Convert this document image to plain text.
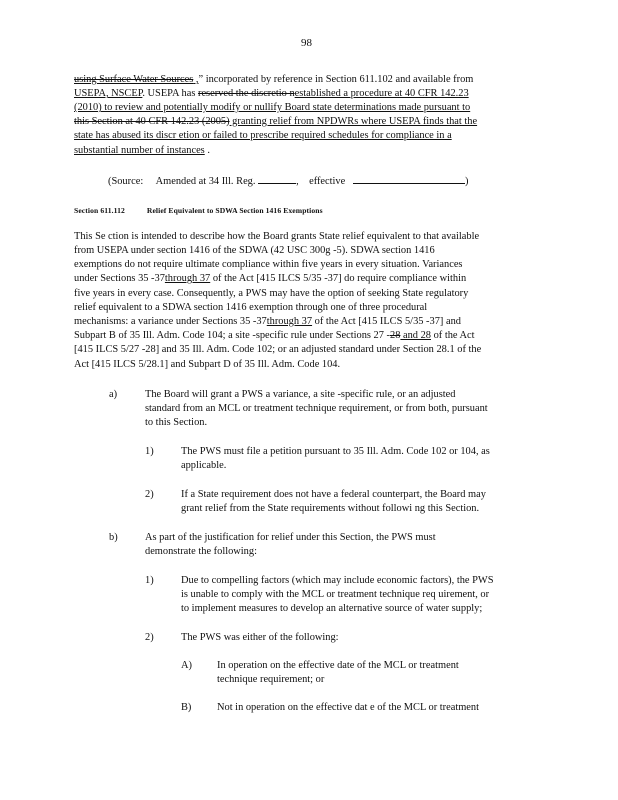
98
using Surface Water Sources ,” incorporated by reference in Section 611.102 and available from
USEPA, NSCEP. USEPA has reserved the discretio nestablished a procedure at 40 CFR 142.23
(2010) to review and potentially modify or nullify Board state determinations made pursuant to
this Section at 40 CFR 142.23 (2005) granting relief from NPDWRs where USEPA finds that the
state has abused its discr etion or failed to prescribe required schedules for compliance in a
substantial number of instances .
(Source: Amended at 34 Ill. Reg.	, effective	)
Section 611.112	Relief Equivalent to SDWA Section 1416 Exemptions
This Se ction is intended to describe how the Board grants State relief equivalent to that available
from USEPA under section 1416 of the SDWA (42 USC 300g -5). SDWA section 1416
exemptions do not require ultimate compliance within five years in every situation. Variances
under Sections 35 -37through 37 of the Act [415 ILCS 5/35 -37] do require compliance within
five years in every case. Consequently, a PWS may have the option of seeking State regulatory
relief equivalent to a SDWA section 1416 exemption through one of three procedural
mechanisms: a variance under Sections 35 -37through 37 of the Act [415 ILCS 5/35 -37] and
Subpart B of 35 Ill. Adm. Code 104; a site -specific rule under Sections 27 -28 and 28 of the Act
[415 ILCS 5/27 -28] and 35 Ill. Adm. Code 102; or an adjusted standard under Section 28.1 of the
Act [415 ILCS 5/28.1] and Subpart D of 35 Ill. Adm. Code 104.
a)	The Board will grant a PWS a variance, a site -specific rule, or an adjusted
standard from an MCL or treatment technique requirement, or from both, pursuant
to this Section.
1)	The PWS must file a petition pursuant to 35 Ill. Adm. Code 102 or 104, as
applicable.
2)	If a State requirement does not have a federal counterpart, the Board may
grant relief from the State requirements without followi ng this Section.
b)	As part of the justification for relief under this Section, the PWS must
demonstrate the following:
1)	Due to compelling factors (which may include economic factors), the PWS
is unable to comply with the MCL or treatment technique req uirement, or
to implement measures to develop an alternative source of water supply;
2)	The PWS was either of the following:
A) In operation on the effective date of the MCL or treatment
technique requirement; or
B) Not in operation on the effective dat e of the MCL or treatment
